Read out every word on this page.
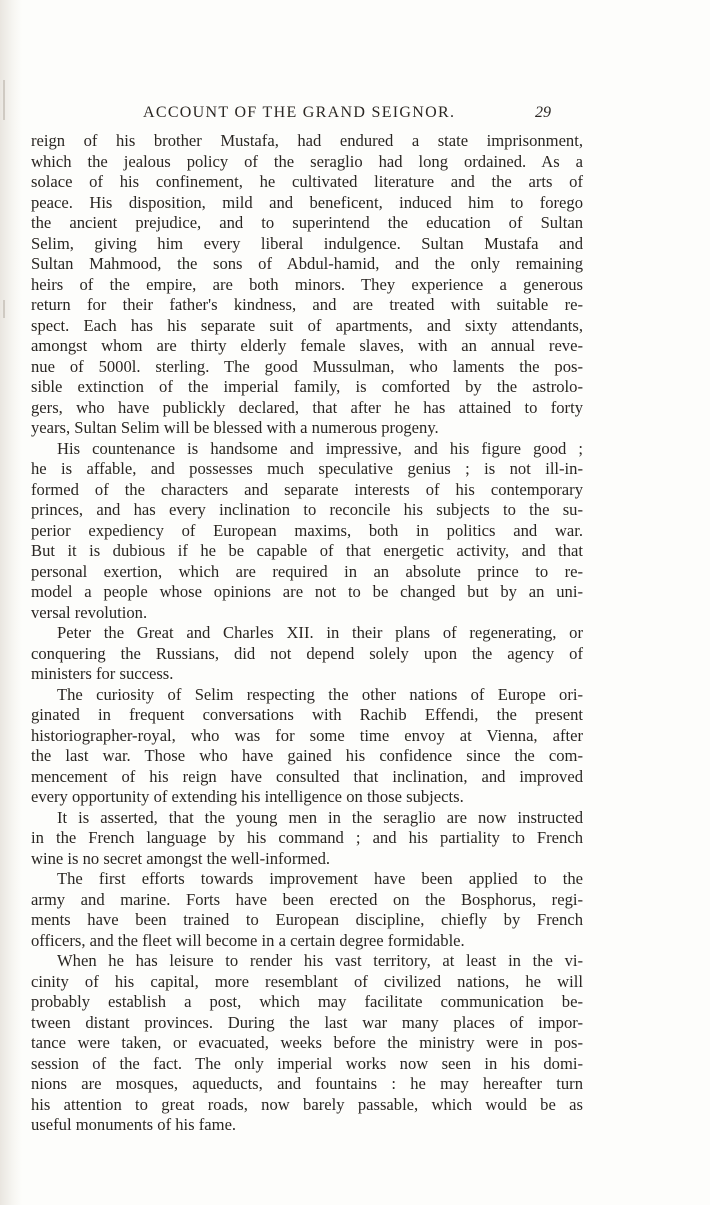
ACCOUNT OF THE GRAND SEIGNOR.	29
reign of his brother Mustafa, had endured a state imprisonment,
which the jealous policy of the seraglio had long ordained. As a
solace of his confinement, he cultivated literature and the arts of
peace. His disposition, mild and beneficent, induced him to forego
the ancient prejudice, and to superintend the education of Sultan
Selim, giving him every liberal indulgence. Sultan Mustafa and
Sultan Mahmood, the sons of Abdul-hamid, and the only remaining
heirs of the empire, are both minors. They experience a generous
return for their father's kindness, and are treated with suitable re-
spect. Each has his separate suit of apartments, and sixty attendants,
amongst whom are thirty elderly female slaves, with an annual reve-
nue of 5000l. sterling. The good Mussulman, who laments the pos-
sible extinction of the imperial family, is comforted by the astrolo-
gers, who have publickly declared, that after he has attained to forty
years, Sultan Selim will be blessed with a numerous progeny.
His countenance is handsome and impressive, and his figure good ;
he is affable, and possesses much speculative genius ; is not ill-in-
formed of the characters and separate interests of his contemporary
princes, and has every inclination to reconcile his subjects to the su-
perior expediency of European maxims, both in politics and war.
But it is dubious if he be capable of that energetic activity, and that
personal exertion, which are required in an absolute prince to re-
model a people whose opinions are not to be changed but by an uni-
versal revolution.
Peter the Great and Charles XII. in their plans of regenerating, or
conquering the Russians, did not depend solely upon the agency of
ministers for success.
The curiosity of Selim respecting the other nations of Europe ori-
ginated in frequent conversations with Rachib Effendi, the present
historiographer-royal, who was for some time envoy at Vienna, after
the last war. Those who have gained his confidence since the com-
mencement of his reign have consulted that inclination, and improved
every opportunity of extending his intelligence on those subjects.
It is asserted, that the young men in the seraglio are now instructed
in the French language by his command ; and his partiality to French
wine is no secret amongst the well-informed.
The first efforts towards improvement have been applied to the
army and marine. Forts have been erected on the Bosphorus, regi-
ments have been trained to European discipline, chiefly by French
officers, and the fleet will become in a certain degree formidable.
When he has leisure to render his vast territory, at least in the vi-
cinity of his capital, more resemblant of civilized nations, he will
probably establish a post, which may facilitate communication be-
tween distant provinces. During the last war many places of impor-
tance were taken, or evacuated, weeks before the ministry were in pos-
session of the fact. The only imperial works now seen in his domi-
nions are mosques, aqueducts, and fountains : he may hereafter turn
his attention to great roads, now barely passable, which would be as
useful monuments of his fame.
